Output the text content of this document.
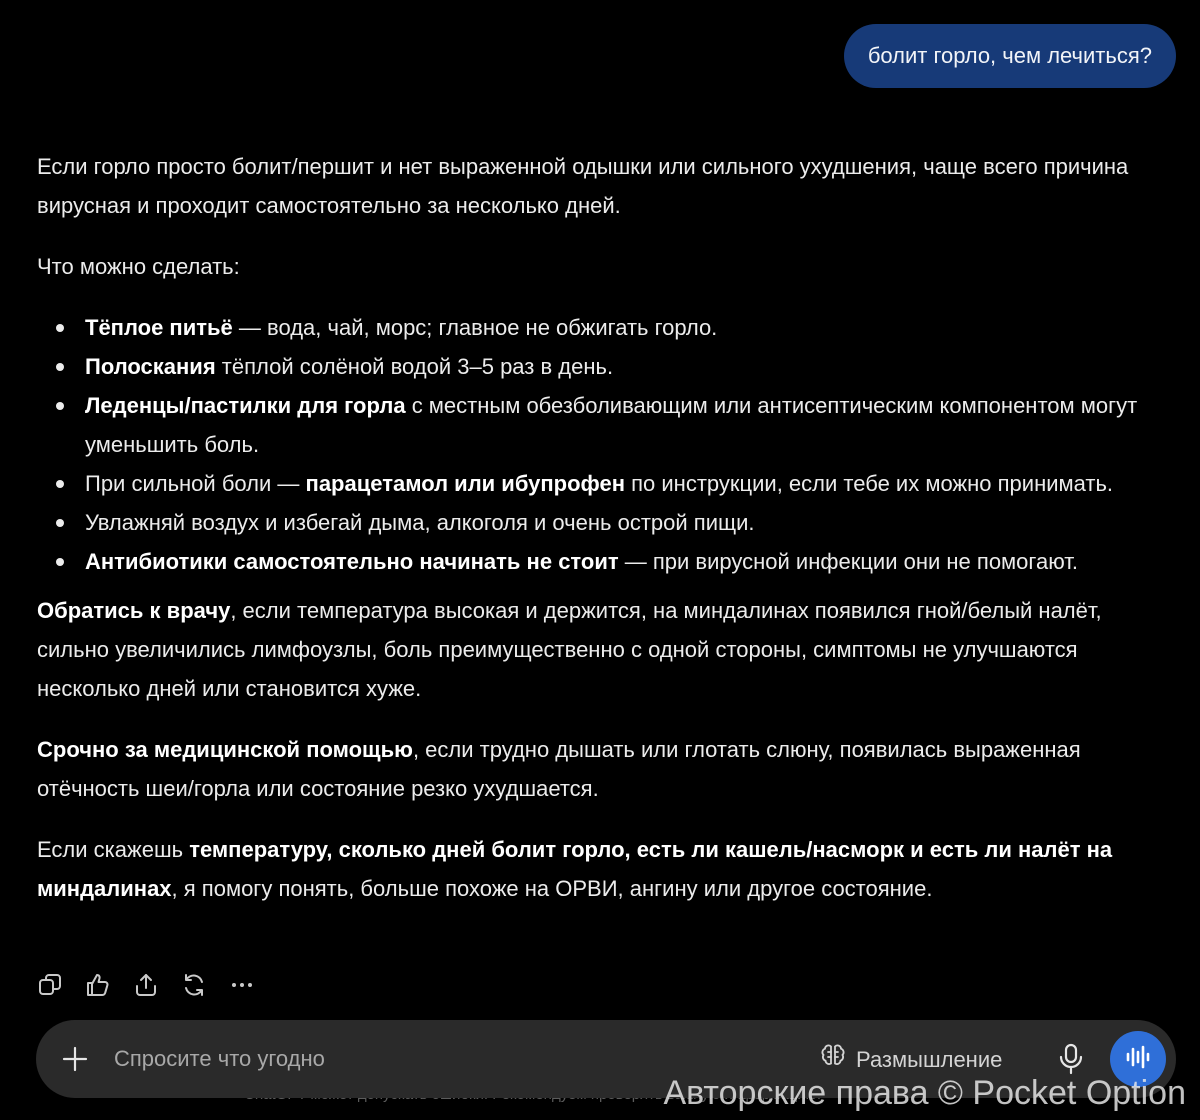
болит горло, чем лечиться?

Если горло просто болит/першит и нет выраженной одышки или сильного ухудшения, чаще всего причина вирусная и проходит самостоятельно за несколько дней.

Что можно сделать:

Тёплое питьё — вода, чай, морс; главное не обжигать горло.
Полоскания тёплой солёной водой 3–5 раз в день.
Леденцы/пастилки для горла с местным обезболивающим или антисептическим компонентом могут уменьшить боль.
При сильной боли — парацетамол или ибупрофен по инструкции, если тебе их можно принимать.
Увлажняй воздух и избегай дыма, алкоголя и очень острой пищи.
Антибиотики самостоятельно начинать не стоит — при вирусной инфекции они не помогают.

Обратись к врачу, если температура высокая и держится, на миндалинах появился гной/белый налёт, сильно увеличились лимфоузлы, боль преимущественно с одной стороны, симптомы не улучшаются несколько дней или становится хуже.

Срочно за медицинской помощью, если трудно дышать или глотать слюну, появилась выраженная отёчность шеи/горла или состояние резко ухудшается.

Если скажешь температуру, сколько дней болит горло, есть ли кашель/насморк и есть ли налёт на миндалинах, я помогу понять, больше похоже на ОРВИ, ангину или другое состояние.

Спросите что угодно	Размышление
Авторские права © Pocket Option
